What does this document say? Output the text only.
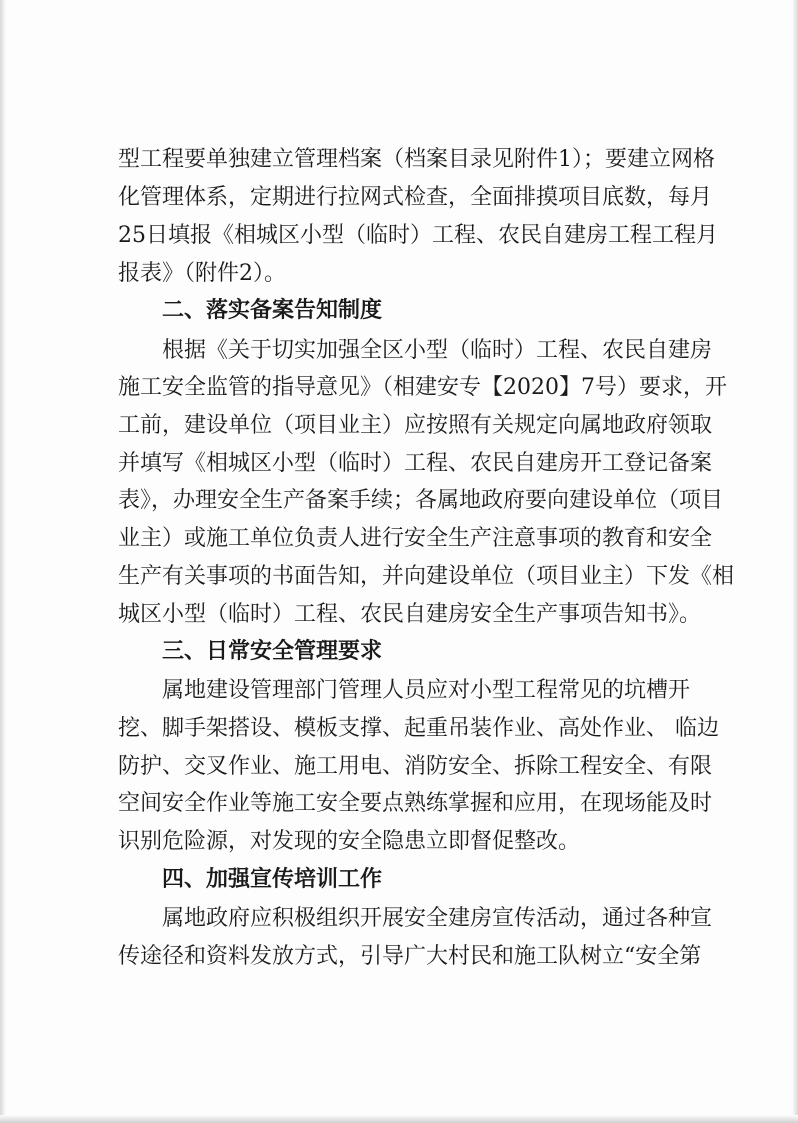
型工程要单独建立管理档案（档案目录见附件1）；要建立网格
化管理体系，定期进行拉网式检查，全面排摸项目底数，每月
25日填报《相城区小型（临时）工程、农民自建房工程工程月
报表》（附件2）。
二、落实备案告知制度
根据《关于切实加强全区小型（临时）工程、农民自建房
施工安全监管的指导意见》（相建安专【2020】7号）要求，开
工前，建设单位（项目业主）应按照有关规定向属地政府领取
并填写《相城区小型（临时）工程、农民自建房开工登记备案
表》，办理安全生产备案手续；各属地政府要向建设单位（项目
业主）或施工单位负责人进行安全生产注意事项的教育和安全
生产有关事项的书面告知，并向建设单位（项目业主）下发《相
城区小型（临时）工程、农民自建房安全生产事项告知书》。
三、日常安全管理要求
属地建设管理部门管理人员应对小型工程常见的坑槽开
挖、脚手架搭设、模板支撑、起重吊装作业、高处作业、 临边
防护、交叉作业、施工用电、消防安全、拆除工程安全、有限
空间安全作业等施工安全要点熟练掌握和应用，在现场能及时
识别危险源，对发现的安全隐患立即督促整改。
四、加强宣传培训工作
属地政府应积极组织开展安全建房宣传活动，通过各种宣
传途径和资料发放方式，引导广大村民和施工队树立“安全第
